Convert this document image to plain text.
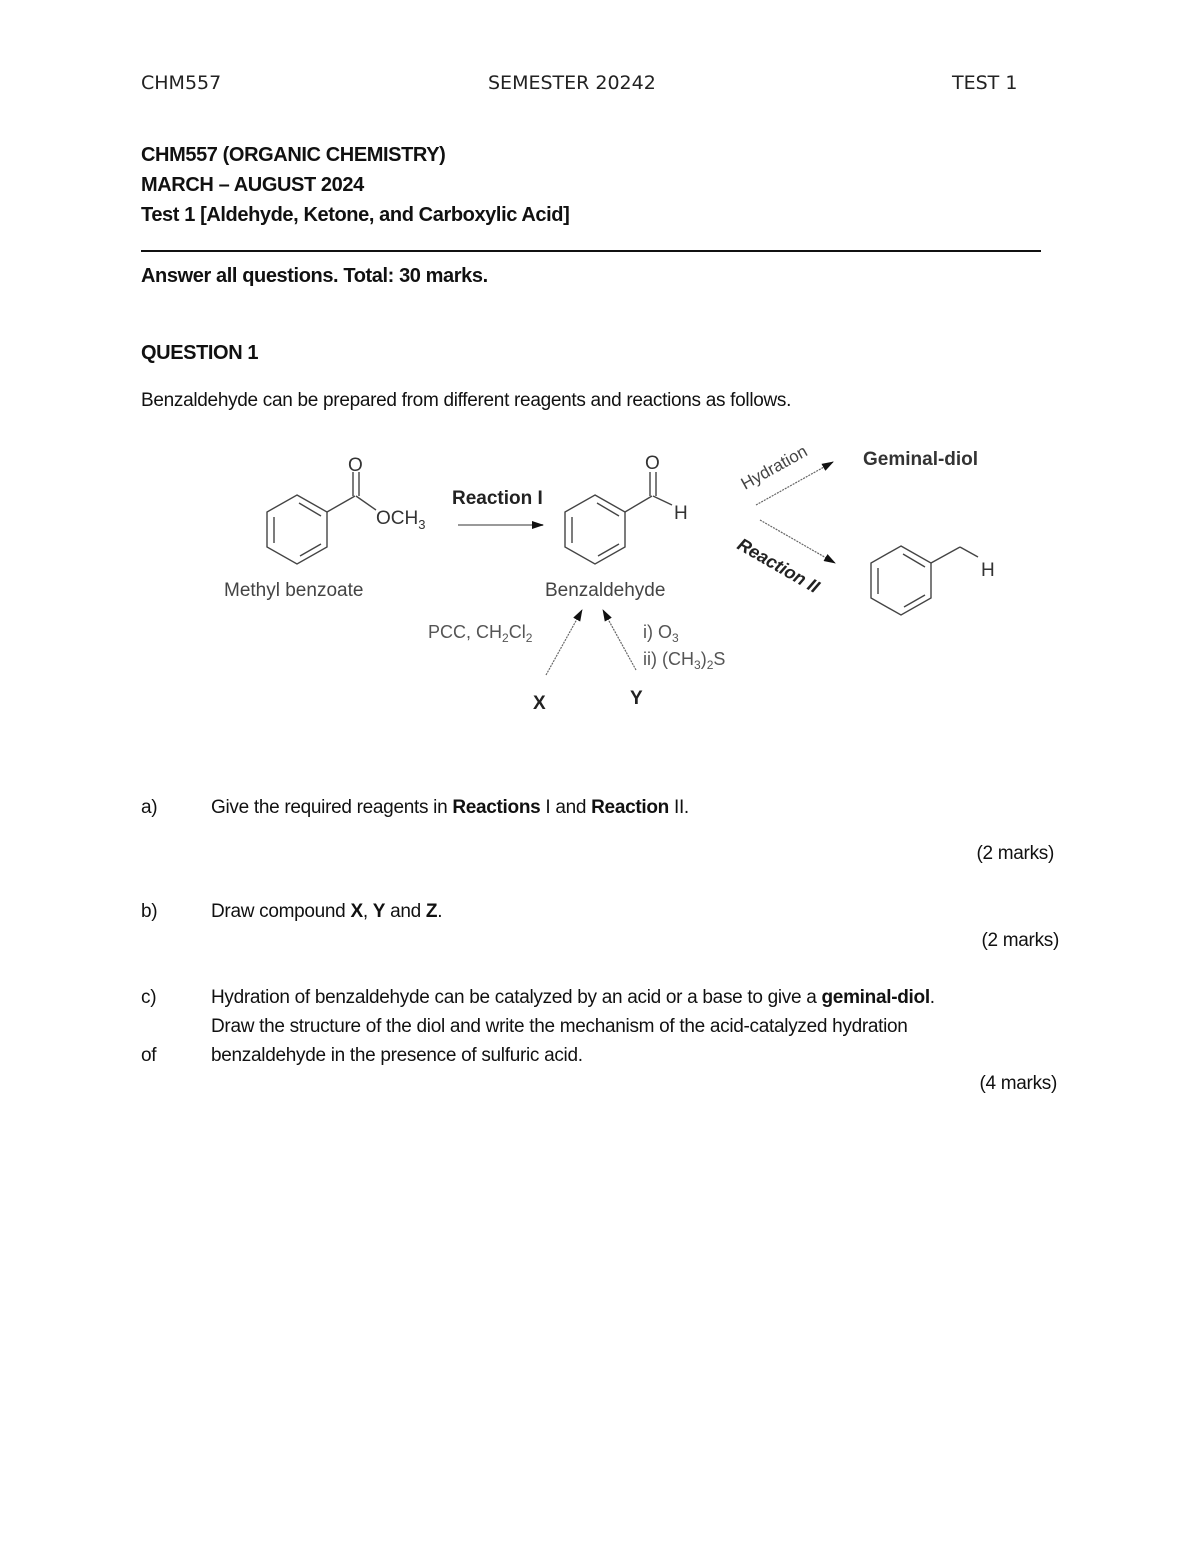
CHM557	SEMESTER 20242	TEST 1
CHM557 (ORGANIC CHEMISTRY)
MARCH – AUGUST 2024
Test 1 [Aldehyde, Ketone, and Carboxylic Acid]
Answer all questions. Total: 30 marks.
QUESTION 1
Benzaldehyde can be prepared from different reagents and reactions as follows.
O
$OCH_3$
Methyl benzoate
Reaction I
O
H
Benzaldehyde
Hydration	Geminal-diol
Reaction II	H
PCC, $CH_2Cl_2$	i) $O_3$
ii) $(CH_3)_2S$
X	Y
a)	Give the required reagents in Reactions I and Reaction II.
(2 marks)
b)	Draw compound X, Y and Z.
(2 marks)
c)	Hydration of benzaldehyde can be catalyzed by an acid or a base to give a geminal-diol.
Draw the structure of the diol and write the mechanism of the acid-catalyzed hydration
of	benzaldehyde in the presence of sulfuric acid.
(4 marks)
